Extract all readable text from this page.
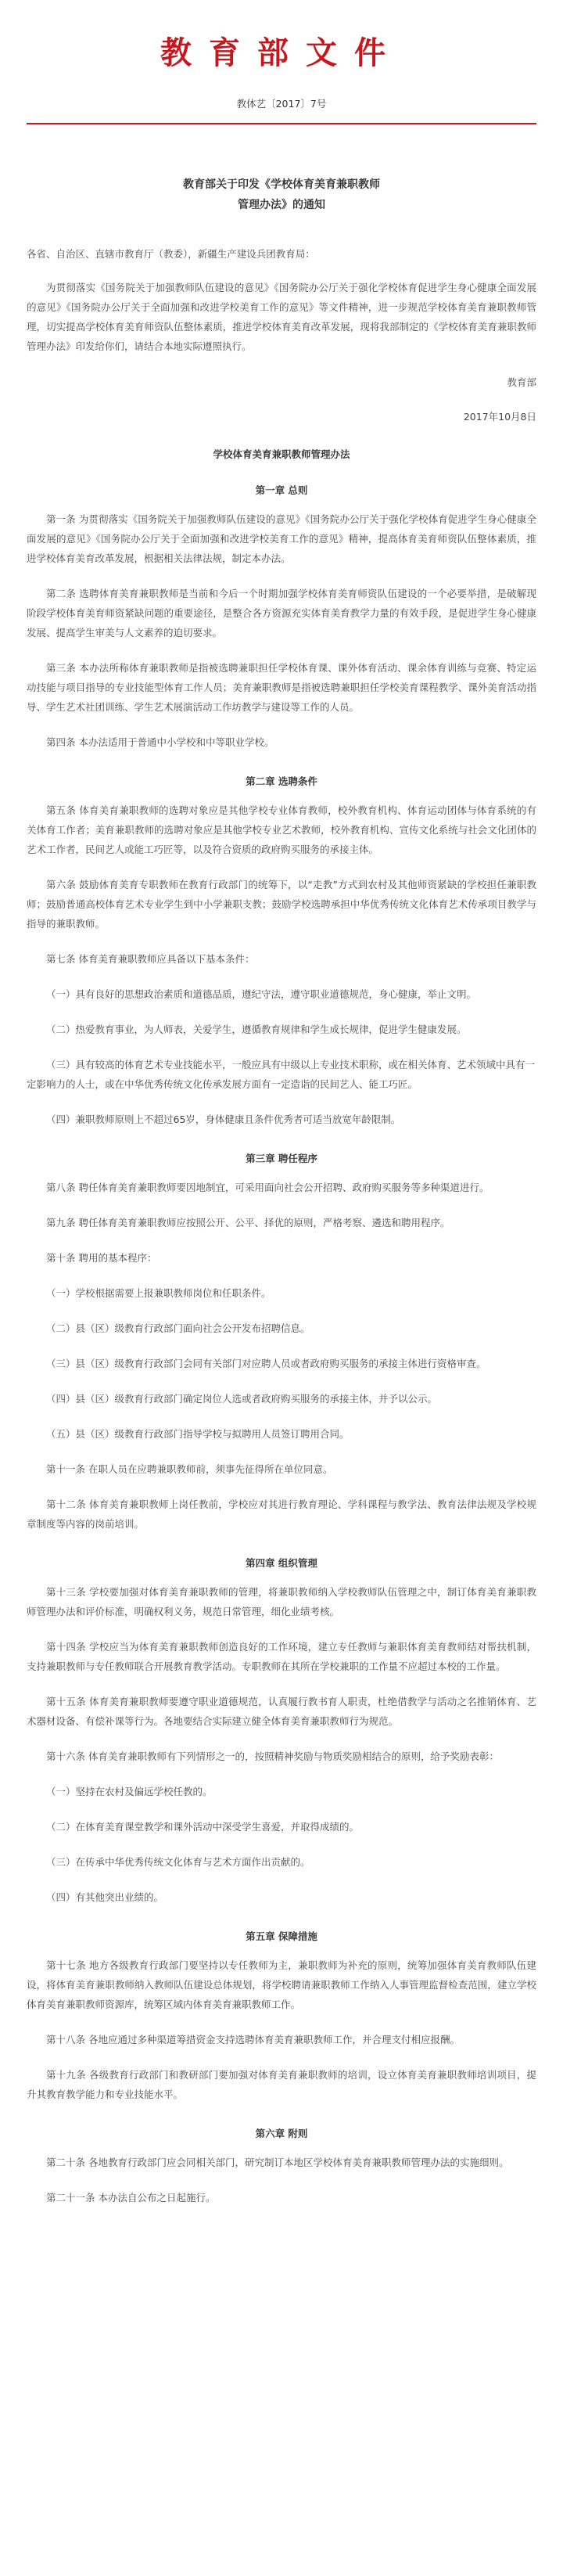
教育部文件
教体艺〔2017〕7号
教育部关于印发《学校体育美育兼职教师
管理办法》的通知
各省、自治区、直辖市教育厅（教委），新疆生产建设兵团教育局：

为贯彻落实《国务院关于加强教师队伍建设的意见》《国务院办公厅关于强化学校体育促进学生身心健康全面发展的意见》《国务院办公厅关于全面加强和改进学校美育工作的意见》等文件精神，进一步规范学校体育美育兼职教师管理，切实提高学校体育美育师资队伍整体素质，推进学校体育美育改革发展，现将我部制定的《学校体育美育兼职教师管理办法》印发给你们，请结合本地实际遵照执行。

教育部
2017年10月8日
学校体育美育兼职教师管理办法
第一章 总则

第一条 为贯彻落实《国务院关于加强教师队伍建设的意见》《国务院办公厅关于强化学校体育促进学生身心健康全面发展的意见》《国务院办公厅关于全面加强和改进学校美育工作的意见》精神，提高体育美育师资队伍整体素质，推进学校体育美育改革发展，根据相关法律法规，制定本办法。

第二条 选聘体育美育兼职教师是当前和今后一个时期加强学校体育美育师资队伍建设的一个必要举措，是破解现阶段学校体育美育师资紧缺问题的重要途径，是整合各方资源充实体育美育教学力量的有效手段，是促进学生身心健康发展、提高学生审美与人文素养的迫切要求。

第三条 本办法所称体育兼职教师是指被选聘兼职担任学校体育课、课外体育活动、课余体育训练与竞赛、特定运动技能与项目指导的专业技能型体育工作人员；美育兼职教师是指被选聘兼职担任学校美育课程教学、课外美育活动指导、学生艺术社团训练、学生艺术展演活动工作坊教学与建设等工作的人员。

第四条 本办法适用于普通中小学校和中等职业学校。

第二章 选聘条件

第五条 体育美育兼职教师的选聘对象应是其他学校专业体育教师，校外教育机构、体育运动团体与体育系统的有关体育工作者；美育兼职教师的选聘对象应是其他学校专业艺术教师，校外教育机构、宣传文化系统与社会文化团体的艺术工作者，民间艺人或能工巧匠等，以及符合资质的政府购买服务的承接主体。

第六条 鼓励体育美育专职教师在教育行政部门的统筹下，以“走教”方式到农村及其他师资紧缺的学校担任兼职教师；鼓励普通高校体育艺术专业学生到中小学兼职支教；鼓励学校选聘承担中华优秀传统文化体育艺术传承项目教学与指导的兼职教师。

第七条 体育美育兼职教师应具备以下基本条件：

（一）具有良好的思想政治素质和道德品质，遵纪守法，遵守职业道德规范，身心健康，举止文明。
（二）热爱教育事业，为人师表，关爱学生，遵循教育规律和学生成长规律，促进学生健康发展。
（三）具有较高的体育艺术专业技能水平，一般应具有中级以上专业技术职称，或在相关体育、艺术领域中具有一定影响力的人士，或在中华优秀传统文化传承发展方面有一定造诣的民间艺人、能工巧匠。
（四）兼职教师原则上不超过65岁，身体健康且条件优秀者可适当放宽年龄限制。
第三章 聘任程序

第八条 聘任体育美育兼职教师要因地制宜，可采用面向社会公开招聘、政府购买服务等多种渠道进行。

第九条 聘任体育美育兼职教师应按照公开、公平、择优的原则，严格考察、遴选和聘用程序。

第十条 聘用的基本程序：

（一）学校根据需要上报兼职教师岗位和任职条件。
（二）县（区）级教育行政部门面向社会公开发布招聘信息。
（三）县（区）级教育行政部门会同有关部门对应聘人员或者政府购买服务的承接主体进行资格审查。
（四）县（区）级教育行政部门确定岗位人选或者政府购买服务的承接主体，并予以公示。
（五）县（区）级教育行政部门指导学校与拟聘用人员签订聘用合同。

第十一条 在职人员在应聘兼职教师前，须事先征得所在单位同意。

第十二条 体育美育兼职教师上岗任教前，学校应对其进行教育理论、学科课程与教学法、教育法律法规及学校规章制度等内容的岗前培训。

第四章 组织管理

第十三条 学校要加强对体育美育兼职教师的管理，将兼职教师纳入学校教师队伍管理之中，制订体育美育兼职教师管理办法和评价标准，明确权利义务，规范日常管理，细化业绩考核。

第十四条 学校应当为体育美育兼职教师创造良好的工作环境，建立专任教师与兼职体育美育教师结对帮扶机制，支持兼职教师与专任教师联合开展教育教学活动。专职教师在其所在学校兼职的工作量不应超过本校的工作量。

第十五条 体育美育兼职教师要遵守职业道德规范，认真履行教书育人职责，杜绝借教学与活动之名推销体育、艺术器材设备、有偿补课等行为。各地要结合实际建立健全体育美育兼职教师行为规范。

第十六条 体育美育兼职教师有下列情形之一的，按照精神奖励与物质奖励相结合的原则，给予奖励表彰：

（一）坚持在农村及偏远学校任教的。
（二）在体育美育课堂教学和课外活动中深受学生喜爱，并取得成绩的。
（三）在传承中华优秀传统文化体育与艺术方面作出贡献的。
（四）有其他突出业绩的。
第五章 保障措施

第十七条 地方各级教育行政部门要坚持以专任教师为主，兼职教师为补充的原则，统筹加强体育美育教师队伍建设，将体育美育兼职教师纳入教师队伍建设总体规划，将学校聘请兼职教师工作纳入人事管理监督检查范围，建立学校体育美育兼职教师资源库，统筹区域内体育美育兼职教师工作。

第十八条 各地应通过多种渠道筹措资金支持选聘体育美育兼职教师工作，并合理支付相应报酬。

第十九条 各级教育行政部门和教研部门要加强对体育美育兼职教师的培训，设立体育美育兼职教师培训项目，提升其教育教学能力和专业技能水平。

第六章 附则

第二十条 各地教育行政部门应会同相关部门，研究制订本地区学校体育美育兼职教师管理办法的实施细则。

第二十一条 本办法自公布之日起施行。
